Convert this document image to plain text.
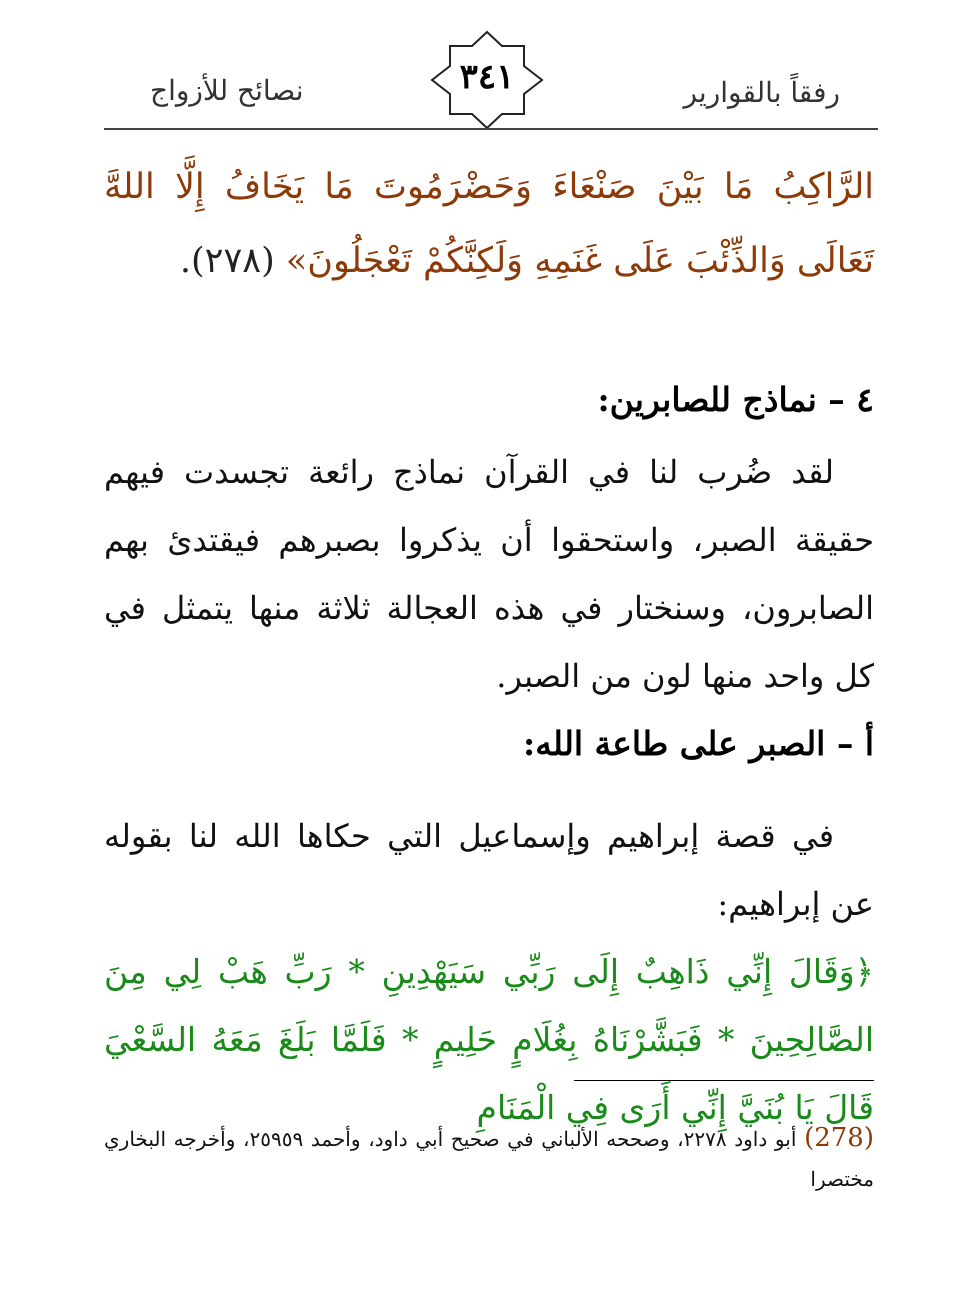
نصائح للأزواج	٣٤١	رفقاً بالقوارير
الرَّاكِبُ مَا بَيْنَ صَنْعَاءَ وَحَضْرَمُوتَ مَا يَخَافُ إِلَّا اللهَّ تَعَالَى وَالذِّئْبَ عَلَى غَنَمِهِ وَلَكِنَّكُمْ تَعْجَلُونَ» (٢٧٨).
٤ – نماذج للصابرين:
لقد ضُرب لنا في القرآن نماذج رائعة تجسدت فيهم حقيقة الصبر، واستحقوا أن يذكروا بصبرهم فيقتدئ بهم الصابرون، وسنختار في هذه العجالة ثلاثة منها يتمثل في كل واحد منها لون من الصبر.
أ – الصبر على طاعة الله:
في قصة إبراهيم وإسماعيل التي حكاها الله لنا بقوله عن إبراهيم:
﴿وَقَالَ إِنِّي ذَاهِبٌ إِلَى رَبِّي سَيَهْدِينِ * رَبِّ هَبْ لِي مِنَ الصَّالِحِينَ * فَبَشَّرْنَاهُ بِغُلَامٍ حَلِيمٍ * فَلَمَّا بَلَغَ مَعَهُ السَّعْيَ قَالَ يَا بُنَيَّ إِنِّي أَرَى فِي الْمَنَامِ
(278) أبو داود ٢٢٧٨، وصححه الألباني في صحيح أبي داود، وأحمد ٢٥٩٥٩، وأخرجه البخاري مختصرا
